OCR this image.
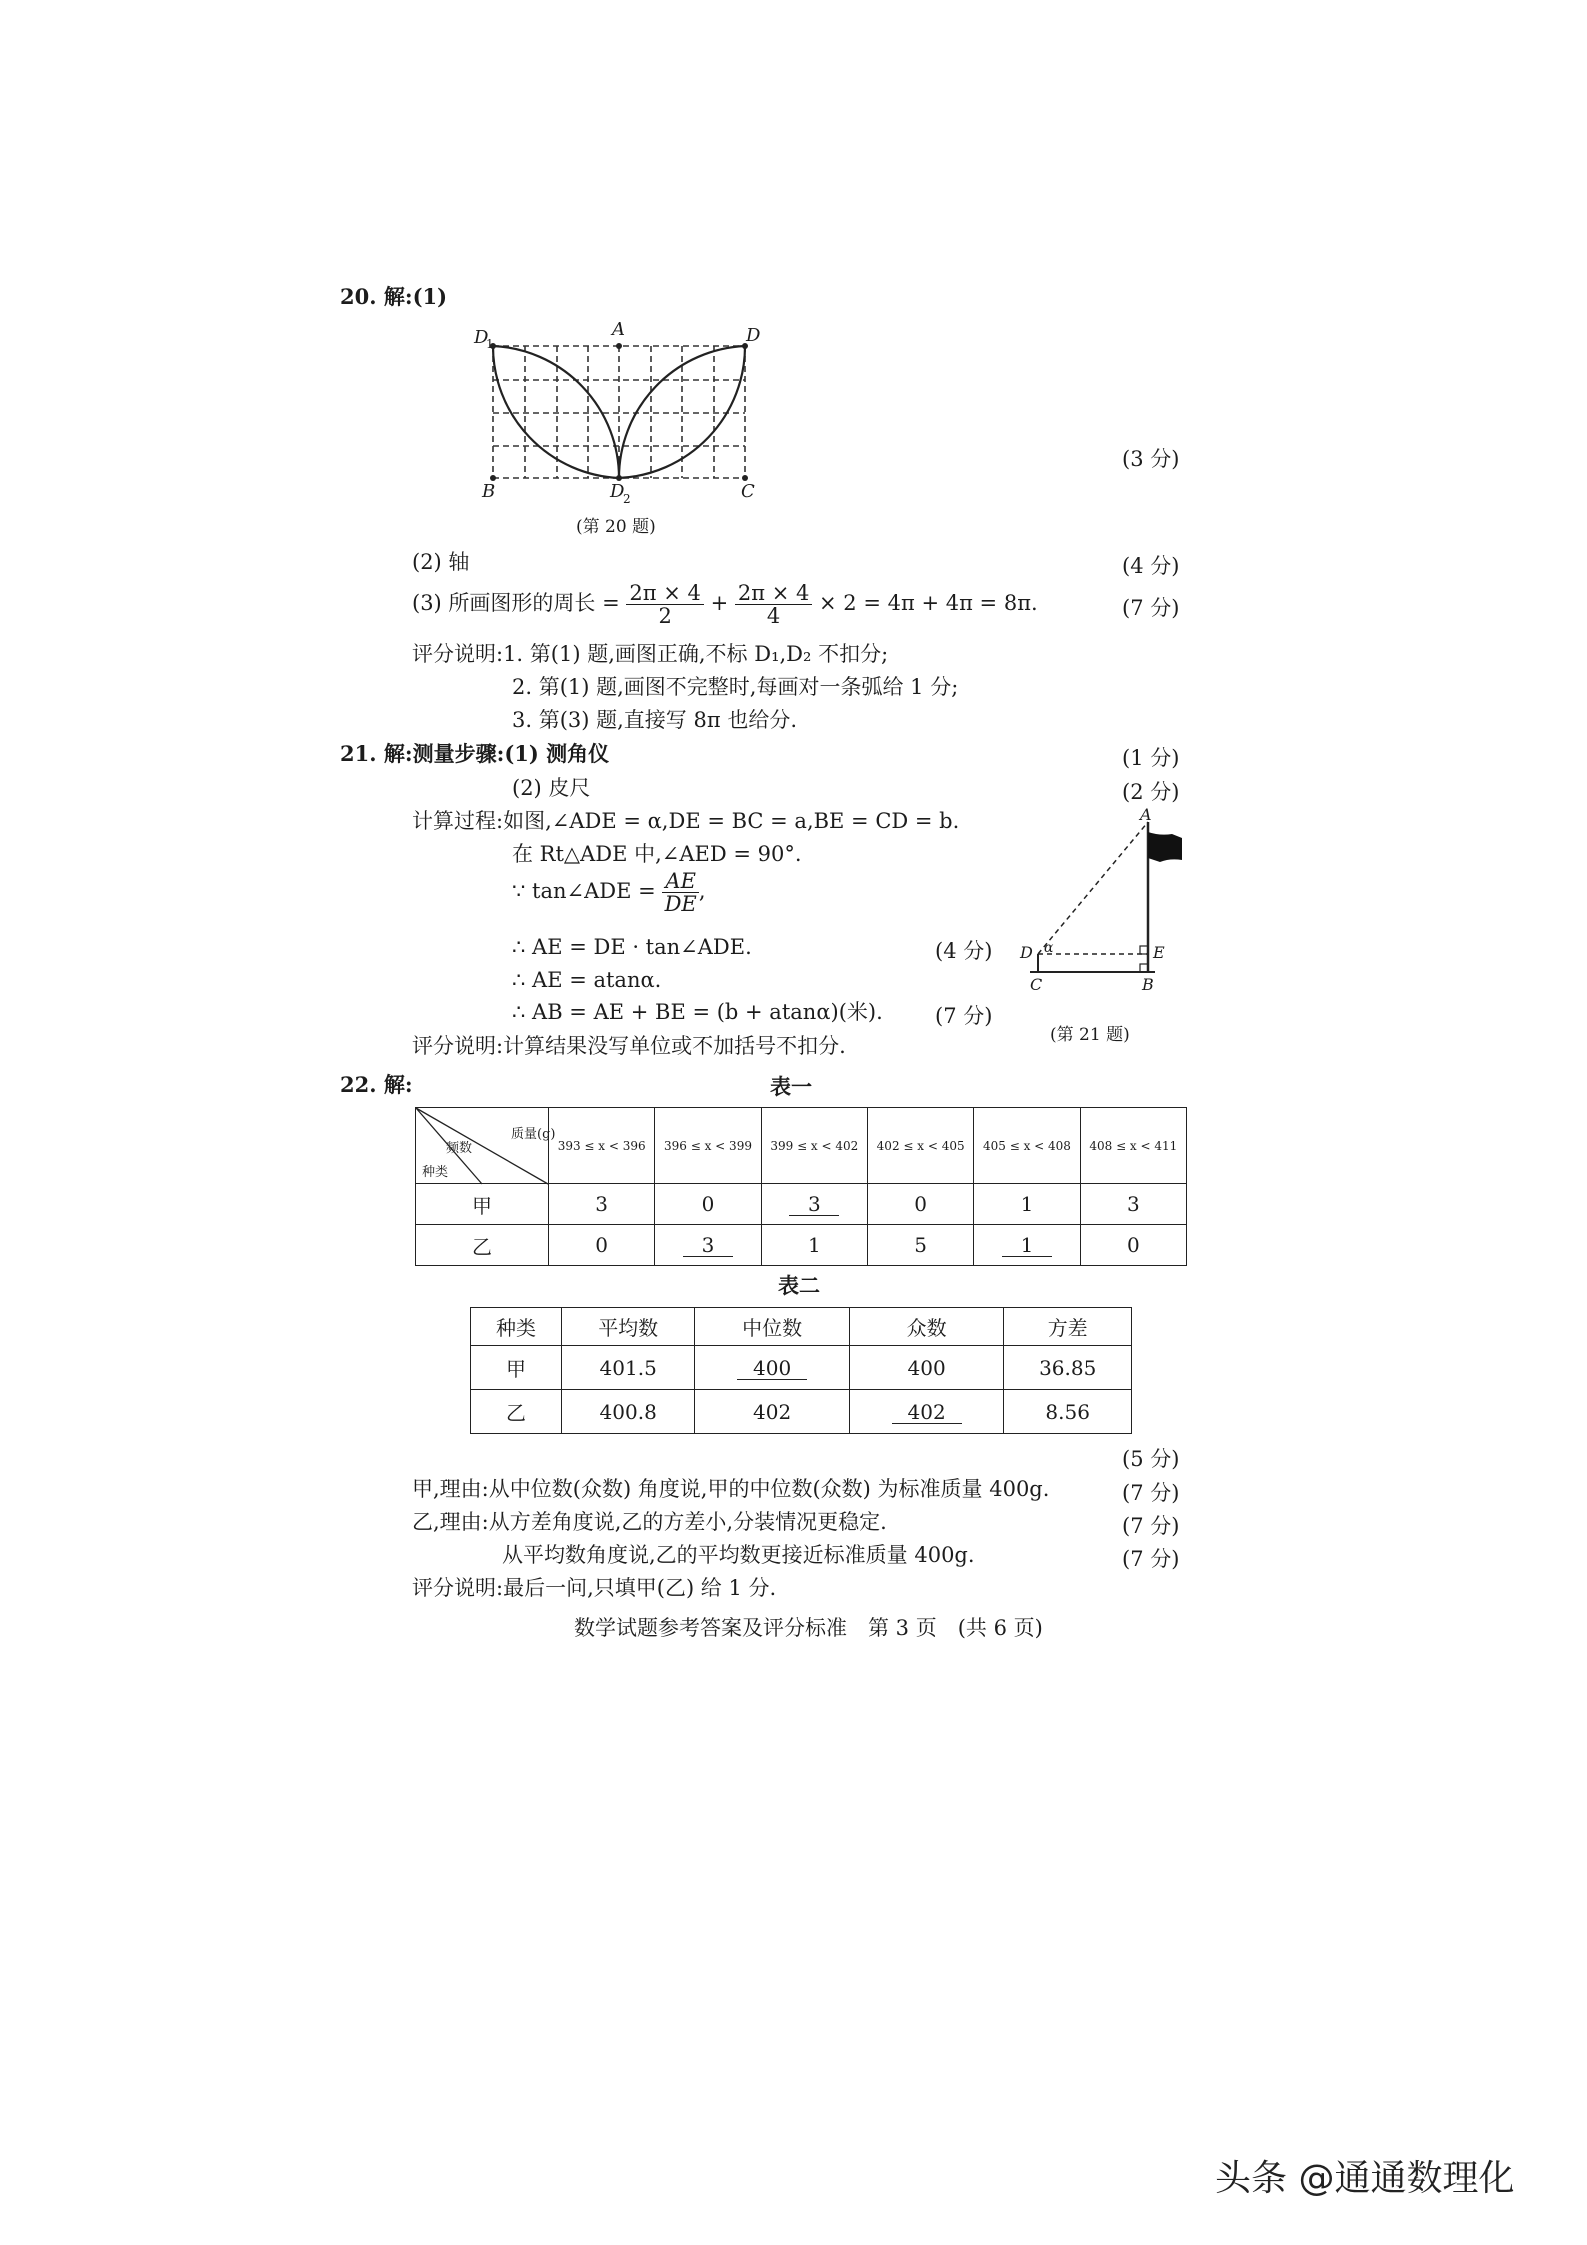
20. 解:(1)
D
1
A	D
B	D
2	C
(第 20 题)
(3 分)
(2) 轴	(4 分)
(3) 所画图形的周长 = $\frac{2\pi \times 4}{2} + \frac{2\pi \times 4}{4} \times 2 = 4\pi + 4\pi = 8\pi$.	(7 分)
评分说明:1. 第(1) 题,画图正确,不标 D₁,D₂ 不扣分;
2. 第(1) 题,画图不完整时,每画对一条弧给 1 分;
3. 第(3) 题,直接写 8π 也给分.
21. 解:测量步骤:(1) 测角仪	(1 分)
(2) 皮尺	(2 分)
计算过程:如图,∠ADE = α,DE = BC = a,BE = CD = b.
在 Rt△ADE 中,∠AED = 90°.
∵ tan∠ADE = $\frac{AE}{DE}$ ,
∴ AE = DE · tan∠ADE.	(4 分)
∴ AE = atanα.
∴ AB = AE + BE = (b + atanα)(米). (7 分)
评分说明:计算结果没写单位或不加括号不扣分.
A
D α	E
C	B
(第 21 题)
22. 解:	表一
质量(g)
频数
种类	393 ≤ x < 396	396 ≤ x < 399	399 ≤ x < 402	402 ≤ x < 405	405 ≤ x < 408	408 ≤ x < 411
甲	3	0	3	0	1	3
乙	0	3	1	5	1	0
表二
种类	平均数	中位数	众数	方差
甲	401.5	400	400	36.85
乙	400.8	402	402	8.56
(5 分)
甲,理由:从中位数(众数) 角度说,甲的中位数(众数) 为标准质量 400g.	(7 分)
乙,理由:从方差角度说,乙的方差小,分装情况更稳定.	(7 分)
从平均数角度说,乙的平均数更接近标准质量 400g.	(7 分)
评分说明:最后一问,只填甲(乙) 给 1 分.
数学试题参考答案及评分标准　第 3 页　(共 6 页)
头条 @通通数理化
